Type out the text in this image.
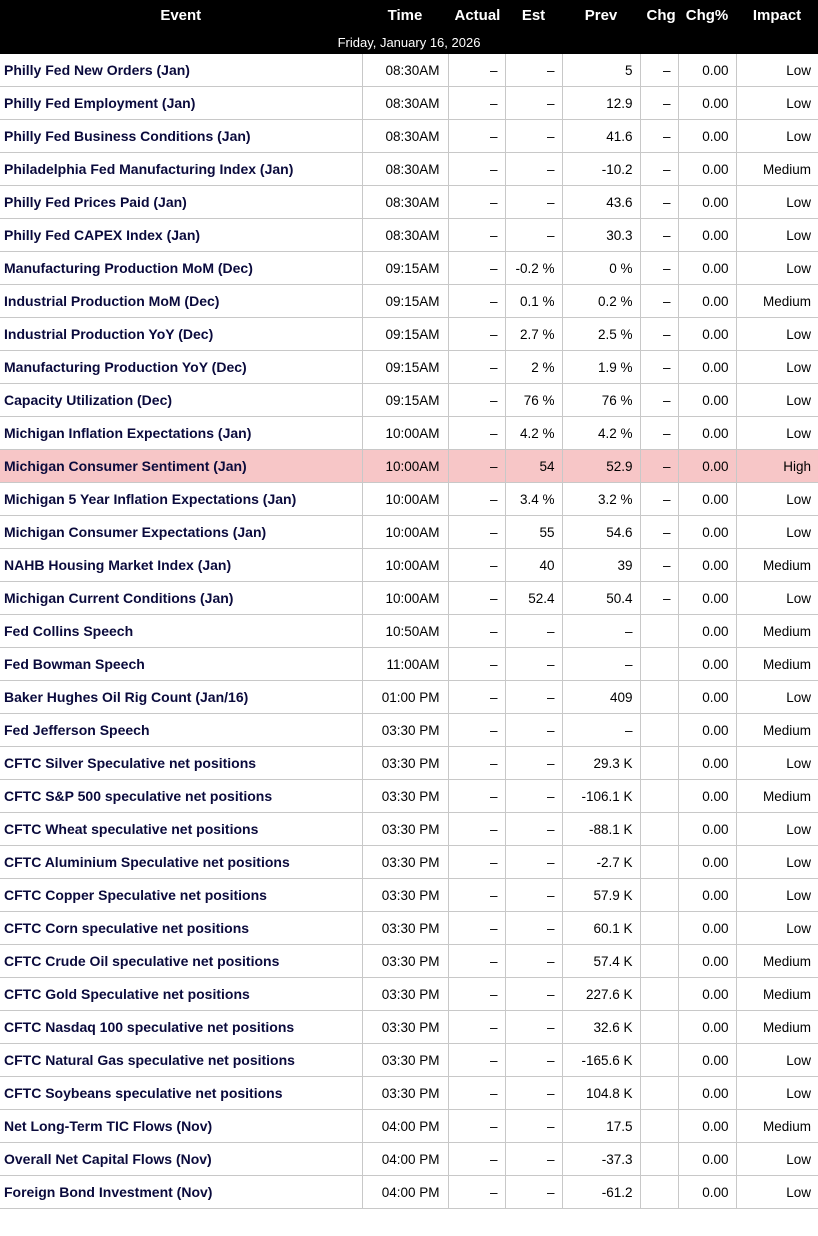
Event	Time	Actual	Est	Prev	Chg	Chg%	Impact
Friday, January 16, 2026							
Philly Fed New Orders (Jan)	08:30AM	–	–	5	–	0.00	Low
Philly Fed Employment (Jan)	08:30AM	–	–	12.9	–	0.00	Low
Philly Fed Business Conditions (Jan)	08:30AM	–	–	41.6	–	0.00	Low
Philadelphia Fed Manufacturing Index (Jan)	08:30AM	–	–	-10.2	–	0.00	Medium
Philly Fed Prices Paid (Jan)	08:30AM	–	–	43.6	–	0.00	Low
Philly Fed CAPEX Index (Jan)	08:30AM	–	–	30.3	–	0.00	Low
Manufacturing Production MoM (Dec)	09:15AM	–	-0.2 %	0 %	–	0.00	Low
Industrial Production MoM (Dec)	09:15AM	–	0.1 %	0.2 %	–	0.00	Medium
Industrial Production YoY (Dec)	09:15AM	–	2.7 %	2.5 %	–	0.00	Low
Manufacturing Production YoY (Dec)	09:15AM	–	2 %	1.9 %	–	0.00	Low
Capacity Utilization (Dec)	09:15AM	–	76 %	76 %	–	0.00	Low
Michigan Inflation Expectations (Jan)	10:00AM	–	4.2 %	4.2 %	–	0.00	Low
Michigan Consumer Sentiment (Jan)	10:00AM	–	54	52.9	–	0.00	High
Michigan 5 Year Inflation Expectations (Jan)	10:00AM	–	3.4 %	3.2 %	–	0.00	Low
Michigan Consumer Expectations (Jan)	10:00AM	–	55	54.6	–	0.00	Low
NAHB Housing Market Index (Jan)	10:00AM	–	40	39	–	0.00	Medium
Michigan Current Conditions (Jan)	10:00AM	–	52.4	50.4	–	0.00	Low
Fed Collins Speech	10:50AM	–	–	–		0.00	Medium
Fed Bowman Speech	11:00AM	–	–	–		0.00	Medium
Baker Hughes Oil Rig Count (Jan/16)	01:00 PM	–	–	409		0.00	Low
Fed Jefferson Speech	03:30 PM	–	–	–		0.00	Medium
CFTC Silver Speculative net positions	03:30 PM	–	–	29.3 K		0.00	Low
CFTC S&P 500 speculative net positions	03:30 PM	–	–	-106.1 K		0.00	Medium
CFTC Wheat speculative net positions	03:30 PM	–	–	-88.1 K		0.00	Low
CFTC Aluminium Speculative net positions	03:30 PM	–	–	-2.7 K		0.00	Low
CFTC Copper Speculative net positions	03:30 PM	–	–	57.9 K		0.00	Low
CFTC Corn speculative net positions	03:30 PM	–	–	60.1 K		0.00	Low
CFTC Crude Oil speculative net positions	03:30 PM	–	–	57.4 K		0.00	Medium
CFTC Gold Speculative net positions	03:30 PM	–	–	227.6 K		0.00	Medium
CFTC Nasdaq 100 speculative net positions	03:30 PM	–	–	32.6 K		0.00	Medium
CFTC Natural Gas speculative net positions	03:30 PM	–	–	-165.6 K		0.00	Low
CFTC Soybeans speculative net positions	03:30 PM	–	–	104.8 K		0.00	Low
Net Long-Term TIC Flows (Nov)	04:00 PM	–	–	17.5		0.00	Medium
Overall Net Capital Flows (Nov)	04:00 PM	–	–	-37.3		0.00	Low
Foreign Bond Investment (Nov)	04:00 PM	–	–	-61.2		0.00	Low
